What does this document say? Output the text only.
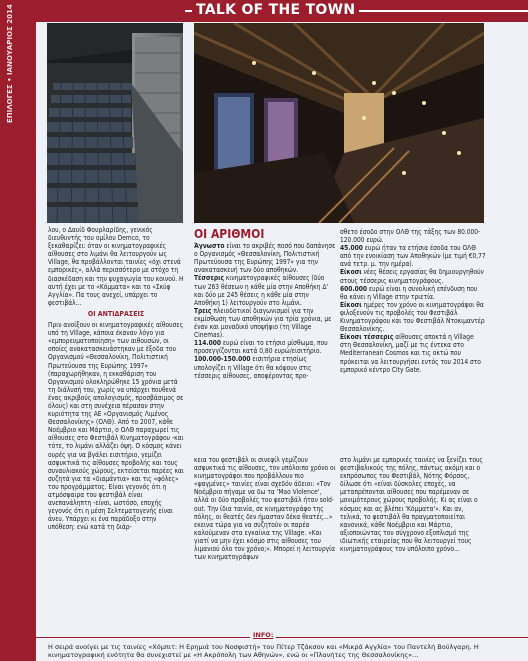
ΕΠΙΛΟΓΕΣ • ΙΑΝΟΥΑΡΙΟΣ 2014	TALK OF THE TOWN

λου, ο Δαυίδ Φουρλαρίδης, γενικός διευθυντής του ομίλου Demco, το ξεκαθαρίζει: όταν οι κινηματογραφικές αίθουσες στο λιμάνι θα λειτουργούν ως Village, θα προβάλλονται ταινίες «όχι στενά εμπορικές», αλλά περισσότερο με στόχο τη διασκέδαση και την ψυχαγωγία του κοινού. Η αυτή έχει με το «Κόμματα» και το «Σκύφ Αγγλία». Πα τους ανεχεί, υπάρχει το φεστιβάλ...

ΟΙ ΑΝΤΙΔΡΑΣΕΙΣ

Πριν ανοίξουν οι κινηματογραφικές αίθουσες υπό τη Village, κάποια έκαναν λόγο για «εμπορευματοποίηση» των αιθουσών, οι οποίες ανακατασκευάστηκαν με έξοδα του Οργανισμού «Θεσσαλονίκη, Πολιτιστική Πρωτεύουσα της Ευρώπης 1997» (παραχωρήθηκαν, η εκκαθάριση του Οργανισμού ολοκληρώθηκε 15 χρόνια μετά τη διάλυσή του, χωρίς να υπάρχει πουθενά ένας ακριβούς απολογισμός, προσβάσιμος σε όλους) και στη συνέχεια πέρασαν στην κυριότητα της ΑΕ «Οργανισμός Λιμένος Θεσσαλονίκης» (ΟΛΘ). Από το 2007, κάθε Νοέμβριο και Μάρτιο, ο ΟΛΘ παραχωρεί τις αίθουσες στο Φεστιβάλ Κινηματογράφου -και τότε, το λιμάνι αλλάζει όψη. Ο κόσμος κάνει ουρές για να βγάλει εισιτήριο, γεμίζει ασφυκτικά τις αίθουσες προβολής και τους συναυλιακούς χώρους, εκτείσεται παρέες και συζητά για τα «διαμάντια» και τις «φόλες» του προγράμματος. Είναι γεγονός ότι η ατμόσφαιρα του φεστιβάλ είναι ανεπανάληπτη -είναι, ωστόσο, εποχής γεγονός ότι η μέση Σελτεματογενής είναι άνευ. Υπάρχει κι ένα παράδοξο στην υπόθεση: ενώ κατά τη διάρ-

ΟΙ ΑΡΙΘΜΟΙ

Άγνωστο είναι το ακριβές ποσό που δαπάνησε ο Οργανισμός «Θεσσαλονίκη, Πολιτιστική Πρωτεύουσα της Ευρώπης 1997» για την ανακατασκευή των δύο αποθηκών.

Τέσσερις κινηματογραφικές αίθουσες (δύο των 263 θέσεων η κάθε μία στην Αποθήκη Δ' και δύο με 245 θέσεις η κάθε μία στην Αποθήκη 1) λειτουργούν στο λιμάνι.

Τρεις πλειοδοτικοί διαγωνισμοί για την εκμίσθωση των αποθηκών για τρία χρόνια, με έναν και μοναδικό υποψήφιο (τη Village Cinemas).

114.000 ευρώ είναι το ετήσιο μίσθωμα, που προσεγγίζονται κατά 0,80 ευρώ/εισιτήριο.

100.000-150.000 εισιτήρια ετησίως υπολογίζει η Village ότι θα κόψουν στις τέσσερις αίθουσες, αποφέροντας προ-

σθετο έσοδο στην ΟΛΘ της τάξης των 80.000-120.000 ευρώ.

45.000 ευρώ ήταν τα ετήσια έσοδα του ΟΛΘ από την ενοικίαση των Αποθηκών (με τιμή €0,77 ανά τετρ. μ. την ημέρα).

Είκοσι νέες θέσεις εργασίας θα δημιουργηθούν στους τέσσερις κινηματογράφους.

600.000 ευρώ είναι η συνολική επένδυση που θα κάνει η Village στην τριετία.

Είκοσι ημέρες τον χρόνο οι κινηματογράφοι θα φιλοξενούν τις προβολές του Φεστιβάλ Κινηματογράφου και του Φεστιβάλ Ντοκιμαντέρ Θεσσαλονίκης.

Είκοσι τέσσερις αίθουσες αποκτά η Village στη Θεσσαλονίκη, μαζί με τις έντεκα στο Mediterranean Cosmos και τις οκτώ που πρόκειται να λειτουργήσει εντός του 2014 στο εμπορικό κέντρο City Gate.

κεια του φεστιβάλ οι σινεφίλ γεμίζουν ασφυκτικά τις αίθουσες, τον υπόλοιπο χρόνο οι κινηματογράφοι που προβάλλουν πιο «ψαγμένες» ταινίες είναι σχεδόν άδειοι: «Τον Νοέμβριο πήγαμε να δω τα 'Mao Violence', αλλά οι δύο προβολές του φεστιβάλ ήταν sold-out. Την ίδια ταινία, σε κινηματογράφο της πόλης, οι θεατές δεν ήμασταν δέκα θεατές...» εκεινα τώρα για να συζητούν οι παρέα καλούμεναν στα εγκαίνια της Village. «Και γιατί να μην έχει κόσμο στις αίθουσες του λιμανιού όλο τον χρόνο;». Μπορεί η λειτουργία των κινηματογράφων

στο λιμάνι με εμπορικές ταινίες να ξενίζει τους φεστιβαλικούς της πόλης, πάντως ακόμη και ο εκπρόσωπος του Φεστιβάλ, Νότης Φόρσος, δίλωσε ότι «είναι δύσκολες εποχές, να μεταπρέπονται αίθουσες που παρέμεναν σε μονιμότερους χώρους προβολής. Κι ας είναι ο κόσμος και ας βλέπει 'Κόμματα'». Και αν, τελικά, το φεστιβάλ θα πραγματοποιείται κανονικά, κάθε Νοέμβριο και Μάρτιο, αξιοποιώντας τον σύγχρονο εξοπλισμό της ιδιωτικής εταιρείας που θα λειτουργεί τους κινηματογράφους τον υπόλοιπο χρόνο...

INFO:
Η σειρά ανοίγει με τις ταινίες «Χόμπιτ: Η Ερημιά του Νοσφιστή» του Πίτερ Τζάκσον και «Μικρά Αγγλία» του Παντελή Βούλγαρη. Η κινηματογραφική ενότητα θα συνεχιστεί με «Η Ακρόπολη των Αθηνών», ενώ οι «Πλανήτες της Θεσσαλονίκης»...
